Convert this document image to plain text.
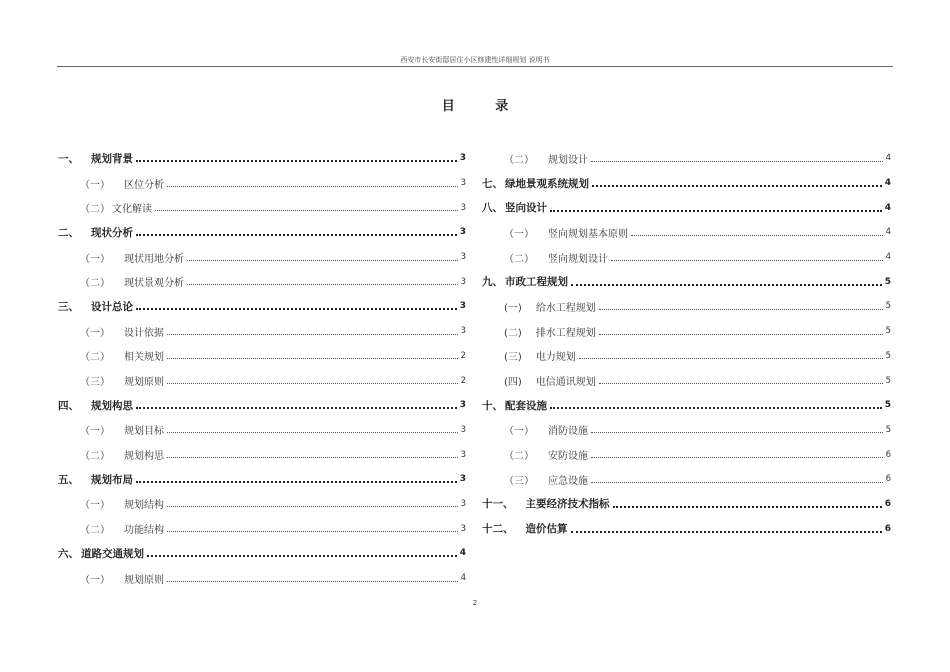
西安市长安街邸居住小区修建性详细规划 说明书
目 录
一、 规划背景	3
（一） 区位分析	3
（二） 文化解读	3
二、 现状分析	3
（一） 现状用地分析	3
（二） 现状景观分析	3
三、 设计总论	3
（一） 设计依据	3
（二） 相关规划	2
（三） 规划原则	2
四、 规划构思	3
（一） 规划目标	3
（二） 规划构思	3
五、 规划布局	3
（一） 规划结构	3
（二） 功能结构	3
六、 道路交通规划	4
（一） 规划原则	4
（二） 规划设计	4
七、 绿地景观系统规划	4
八、 竖向设计	4
（一） 竖向规划基本原则	4
（二） 竖向规划设计	4
九、 市政工程规划	5
(一) 给水工程规划	5
(二) 排水工程规划	5
(三) 电力规划	5
(四) 电信通讯规划	5
十、 配套设施	5
（一） 消防设施	5
（二） 安防设施	6
（三） 应急设施	6
十一、 主要经济技术指标	6
十二、 造价估算	6
2
